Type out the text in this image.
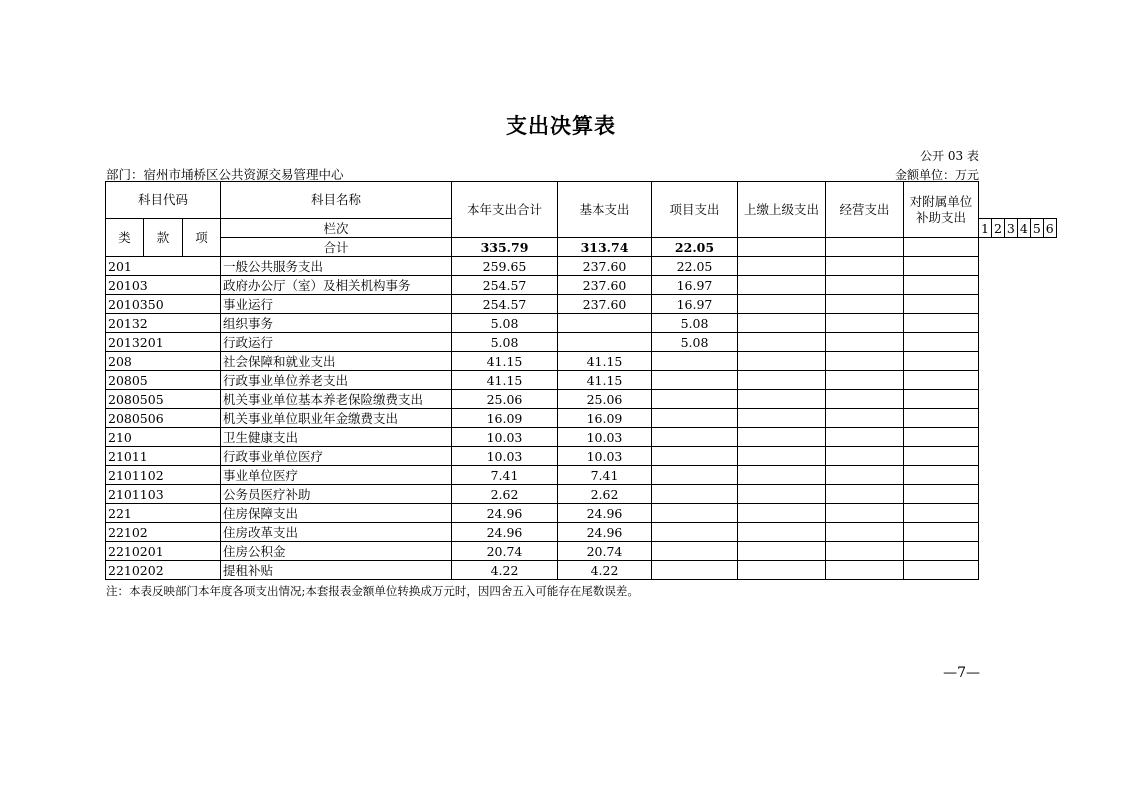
支出决算表
公开 03 表
部门：宿州市埇桥区公共资源交易管理中心	金额单位：万元
科目代码			科目名称	本年支出合计	基本支出	项目支出	上缴上级支出	经营支出	对附属单位
补助支出						
类	款	项	栏次							1	2	3	4	5	6
			合计	335.79	313.74	22.05									
201			一般公共服务支出	259.65	237.60	22.05									
20103			政府办公厅（室）及相关机构事务	254.57	237.60	16.97									
2010350			事业运行	254.57	237.60	16.97									
20132			组织事务	5.08		5.08									
2013201			行政运行	5.08		5.08									
208			社会保障和就业支出	41.15	41.15										
20805			行政事业单位养老支出	41.15	41.15										
2080505			机关事业单位基本养老保险缴费支出	25.06	25.06										
2080506			机关事业单位职业年金缴费支出	16.09	16.09										
210			卫生健康支出	10.03	10.03										
21011			行政事业单位医疗	10.03	10.03										
2101102			事业单位医疗	7.41	7.41										
2101103			公务员医疗补助	2.62	2.62										
221			住房保障支出	24.96	24.96										
22102			住房改革支出	24.96	24.96										
2210201			住房公积金	20.74	20.74										
2210202			提租补贴	4.22	4.22										
注：本表反映部门本年度各项支出情况;本套报表金额单位转换成万元时，因四舍五入可能存在尾数误差。
—7—
